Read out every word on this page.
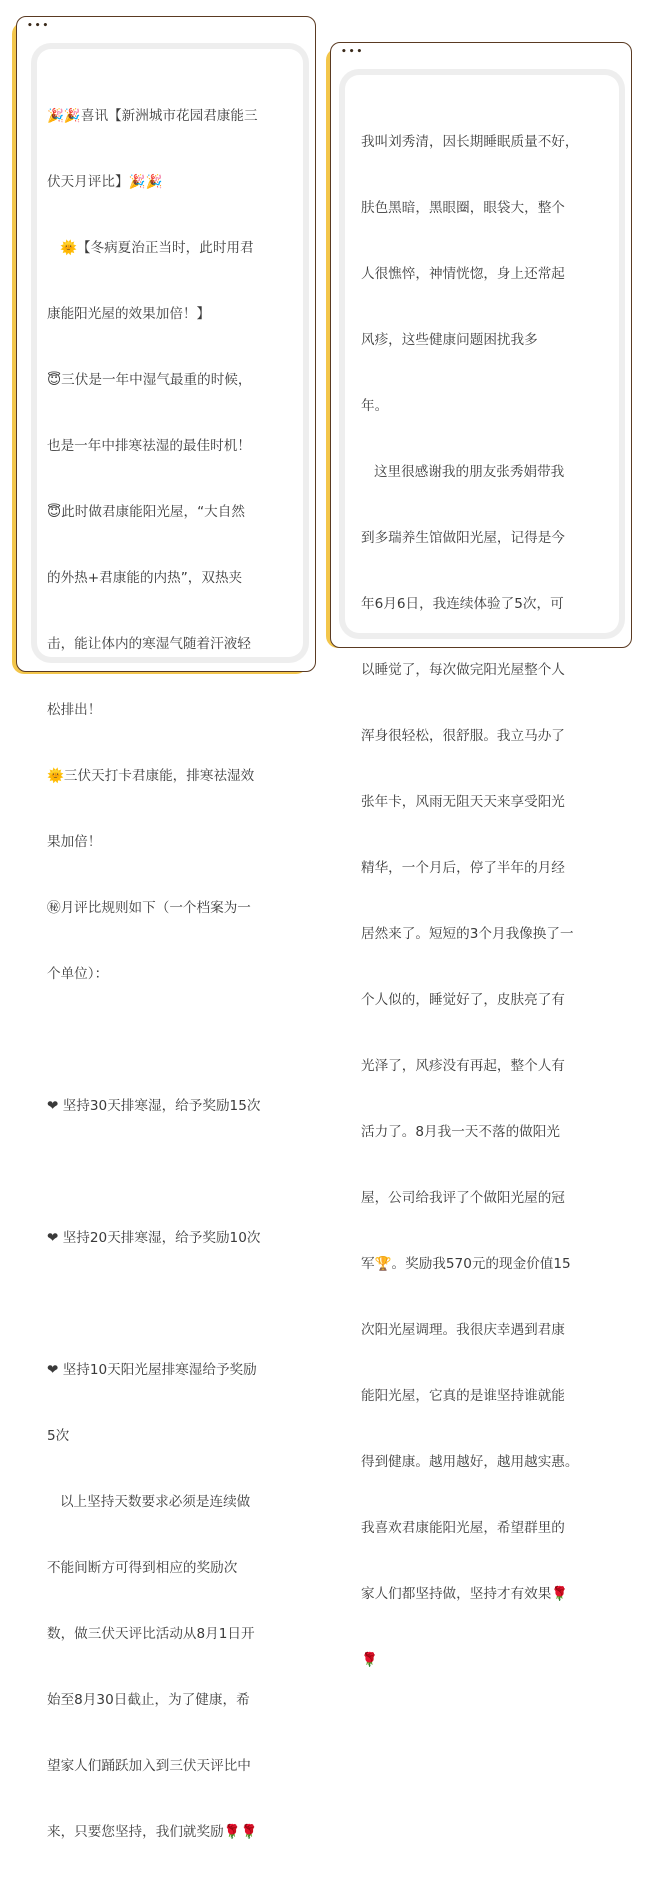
•••

🎉🎉喜讯【新洲城市花园君康能三

伏天月评比】🎉🎉

🌞【冬病夏治正当时，此时用君

康能阳光屋的效果加倍！】

😇三伏是一年中湿气最重的时候，

也是一年中排寒祛湿的最佳时机！

😇此时做君康能阳光屋，“大自然

的外热+君康能的内热”，双热夹

击，能让体内的寒湿气随着汗液轻

松排出！

🌞三伏天打卡君康能，排寒祛湿效

果加倍！

㊙月评比规则如下（一个档案为一

个单位）：

❤ 坚持30天排寒湿，给予奖励15次

❤ 坚持20天排寒湿，给予奖励10次

❤ 坚持10天阳光屋排寒湿给予奖励

5次

以上坚持天数要求必须是连续做

不能间断方可得到相应的奖励次

数，做三伏天评比活动从8月1日开

始至8月30日截止，为了健康，希

望家人们踊跃加入到三伏天评比中

来，只要您坚持，我们就奖励🌹🌹

•••

我叫刘秀清，因长期睡眠质量不好，

肤色黑暗，黑眼圈，眼袋大，整个

人很憔悴，神情恍惚，身上还常起

风疹，这些健康问题困扰我多

年。

这里很感谢我的朋友张秀娟带我

到多瑞养生馆做阳光屋，记得是今

年6月6日，我连续体验了5次，可

以睡觉了，每次做完阳光屋整个人

浑身很轻松，很舒服。我立马办了

张年卡，风雨无阻天天来享受阳光

精华，一个月后，停了半年的月经

居然来了。短短的3个月我像换了一

个人似的，睡觉好了，皮肤亮了有

光泽了，风疹没有再起，整个人有

活力了。8月我一天不落的做阳光

屋，公司给我评了个做阳光屋的冠

军🏆。奖励我570元的现金价值15

次阳光屋调理。我很庆幸遇到君康

能阳光屋，它真的是谁坚持谁就能

得到健康。越用越好，越用越实惠。

我喜欢君康能阳光屋，希望群里的

家人们都坚持做，坚持才有效果🌹

🌹
